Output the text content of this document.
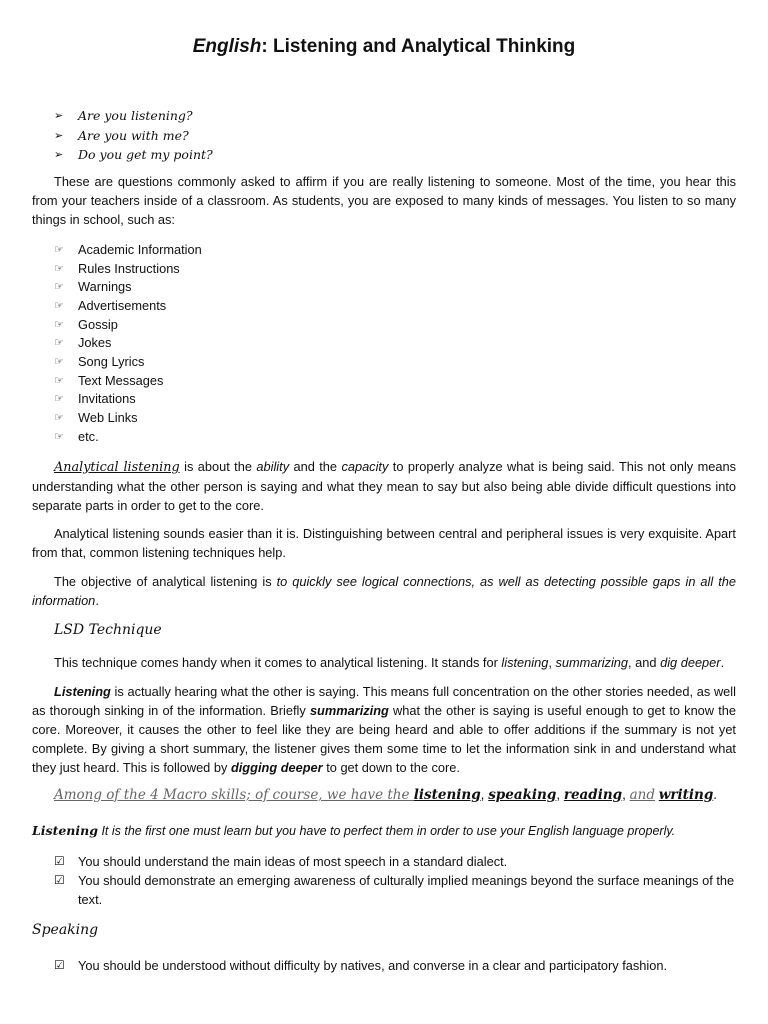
English: Listening and Analytical Thinking
➢	Are you listening?
➢	Are you with me?
➢	Do you get my point?

These are questions commonly asked to affirm if you are really listening to someone. Most of the time, you hear this from your teachers inside of a classroom. As students, you are exposed to many kinds of messages. You listen to so many things in school, such as:

☞	Academic Information
☞	Rules Instructions
☞	Warnings
☞	Advertisements
☞	Gossip
☞	Jokes
☞	Song Lyrics
☞	Text Messages
☞	Invitations
☞	Web Links
☞	etc.

Analytical listening is about the ability and the capacity to properly analyze what is being said. This not only means understanding what the other person is saying and what they mean to say but also being able divide difficult questions into separate parts in order to get to the core.

Analytical listening sounds easier than it is. Distinguishing between central and peripheral issues is very exquisite. Apart from that, common listening techniques help.

The objective of analytical listening is to quickly see logical connections, as well as detecting possible gaps in all the information.

LSD Technique

This technique comes handy when it comes to analytical listening. It stands for listening, summarizing, and dig deeper.

Listening is actually hearing what the other is saying. This means full concentration on the other stories needed, as well as thorough sinking in of the information. Briefly summarizing what the other is saying is useful enough to get to know the core. Moreover, it causes the other to feel like they are being heard and able to offer additions if the summary is not yet complete. By giving a short summary, the listener gives them some time to let the information sink in and understand what they just heard. This is followed by digging deeper to get down to the core.

Among of the 4 Macro skills; of course, we have the listening, speaking, reading, and writing.
Listening It is the first one must learn but you have to perfect them in order to use your English language properly.
☑	You should understand the main ideas of most speech in a standard dialect.
☑	You should demonstrate an emerging awareness of culturally implied meanings beyond the surface meanings of the text.
Speaking
☑	You should be understood without difficulty by natives, and converse in a clear and participatory fashion.
